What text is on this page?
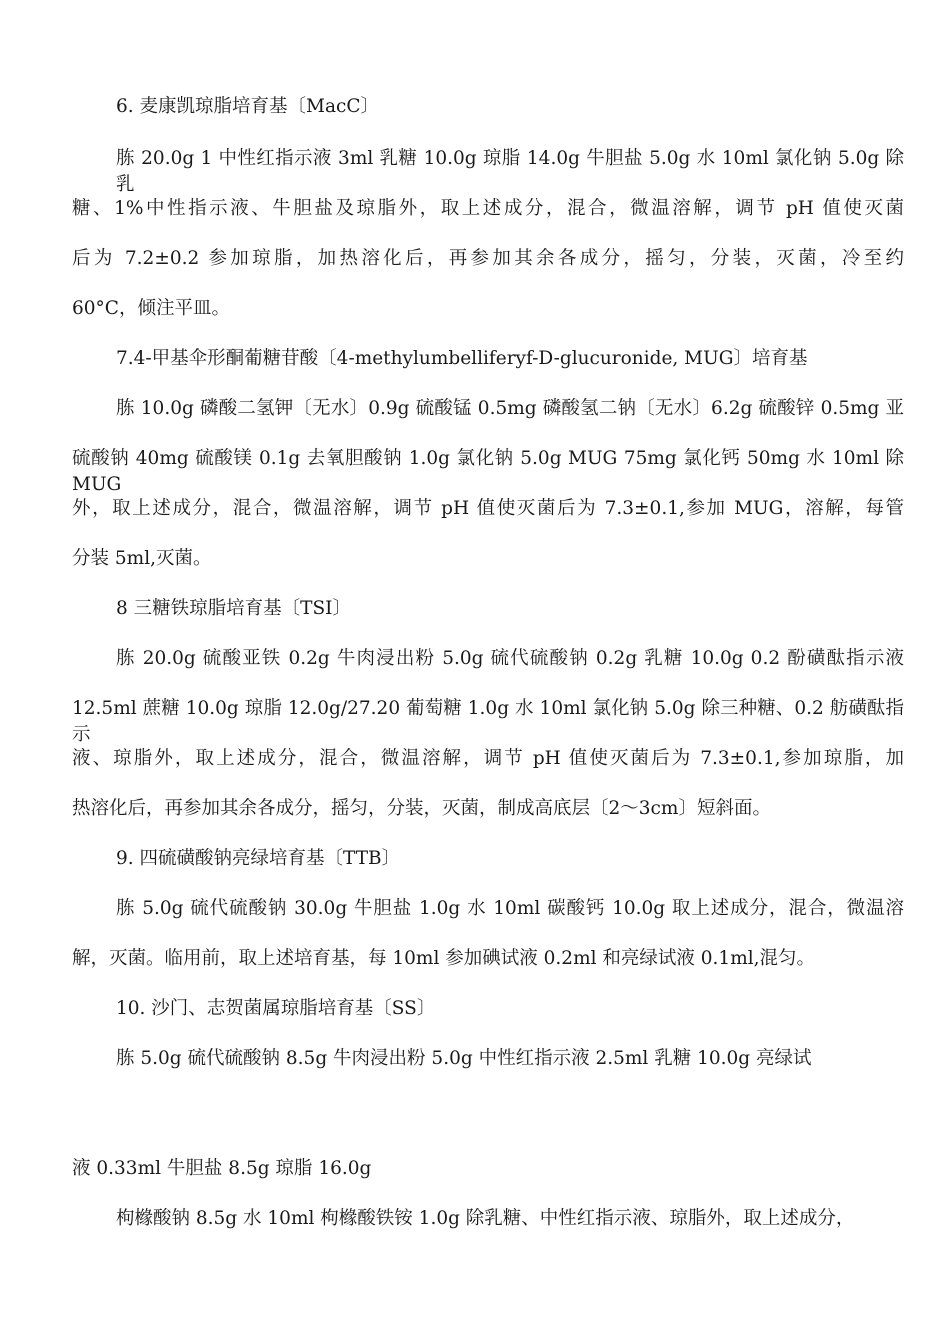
6. 麦康凯琼脂培育基〔MacC〕
胨 20.0g 1 中性红指示液 3ml 乳糖 10.0g 琼脂 14.0g 牛胆盐 5.0g 水 10ml 氯化钠 5.0g 除乳
糖、1%中性指示液、牛胆盐及琼脂外，取上述成分，混合，微温溶解，调节 pH 值使灭菌
后为 7.2±0.2 参加琼脂，加热溶化后，再参加其余各成分，摇匀，分装，灭菌，冷至约
60°C，倾注平皿。
7.4-甲基伞形酮葡糖苷酸〔4-methylumbelliferyf-D-glucuronide, MUG〕培育基
胨 10.0g 磷酸二氢钾〔无水〕0.9g 硫酸锰 0.5mg 磷酸氢二钠〔无水〕6.2g 硫酸锌 0.5mg 亚
硫酸钠 40mg 硫酸镁 0.1g 去氧胆酸钠 1.0g 氯化钠 5.0g MUG 75mg 氯化钙 50mg 水 10ml 除 MUG
外，取上述成分，混合，微温溶解，调节 pH 值使灭菌后为 7.3±0.1,参加 MUG，溶解，每管
分装 5ml,灭菌。
8 三糖铁琼脂培育基〔TSI〕
胨 20.0g 硫酸亚铁 0.2g 牛肉浸出粉 5.0g 硫代硫酸钠 0.2g 乳糖 10.0g 0.2 酚磺酞指示液
12.5ml 蔗糖 10.0g 琼脂 12.0g/27.20 葡萄糖 1.0g 水 10ml 氯化钠 5.0g 除三种糖、0.2 舫磺酞指示
液、琼脂外，取上述成分，混合，微温溶解，调节 pH 值使灭菌后为 7.3±0.1,参加琼脂，加
热溶化后，再参加其余各成分，摇匀，分装，灭菌，制成高底层〔2〜3cm〕短斜面。
9. 四硫磺酸钠亮绿培育基〔TTB〕
胨 5.0g 硫代硫酸钠 30.0g 牛胆盐 1.0g 水 10ml 碳酸钙 10.0g 取上述成分，混合，微温溶
解，灭菌。临用前，取上述培育基，每 10ml 参加碘试液 0.2ml 和亮绿试液 0.1ml,混匀。
10. 沙门、志贺菌属琼脂培育基〔SS〕
胨 5.0g 硫代硫酸钠 8.5g 牛肉浸出粉 5.0g 中性红指示液 2.5ml 乳糖 10.0g 亮绿试
液 0.33ml 牛胆盐 8.5g 琼脂 16.0g
枸橼酸钠 8.5g 水 10ml 枸橼酸铁铵 1.0g 除乳糖、中性红指示液、琼脂外，取上述成分，
